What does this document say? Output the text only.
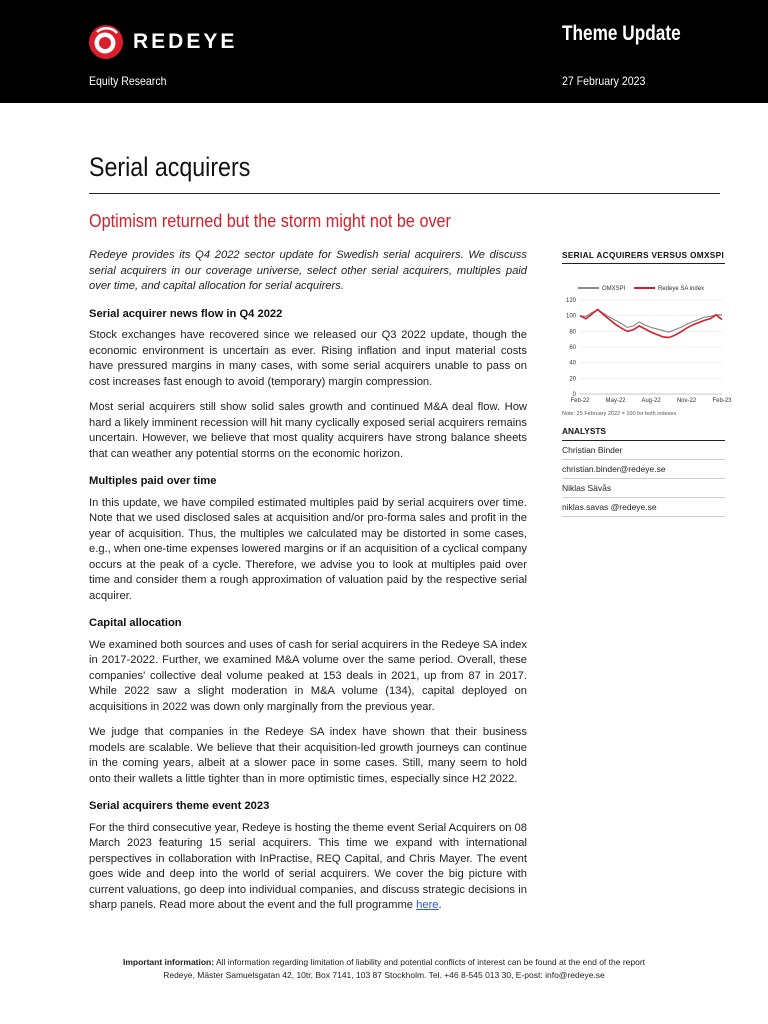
REDEYE	Theme Update
Equity Research	27 February 2023
Serial acquirers
Optimism returned but the storm might not be over

Redeye provides its Q4 2022 sector update for Swedish serial acquirers. We discuss serial acquirers in our coverage universe, select other serial acquirers, multiples paid over time, and capital allocation for serial acquirers.

Serial acquirer news flow in Q4 2022

Stock exchanges have recovered since we released our Q3 2022 update, though the economic environment is uncertain as ever. Rising inflation and input material costs have pressured margins in many cases, with some serial acquirers unable to pass on cost increases fast enough to avoid (temporary) margin compression.

Most serial acquirers still show solid sales growth and continued M&A deal flow. How hard a likely imminent recession will hit many cyclically exposed serial acquirers remains uncertain. However, we believe that most quality acquirers have strong balance sheets that can weather any potential storms on the economic horizon.

Multiples paid over time

In this update, we have compiled estimated multiples paid by serial acquirers over time. Note that we used disclosed sales at acquisition and/or pro-forma sales and profit in the year of acquisition. Thus, the multiples we calculated may be distorted in some cases, e.g., when one-time expenses lowered margins or if an acquisition of a cyclical company occurs at the peak of a cycle. Therefore, we advise you to look at multiples paid over time and consider them a rough approximation of valuation paid by the respective serial acquirer.

Capital allocation

We examined both sources and uses of cash for serial acquirers in the Redeye SA index in 2017-2022. Further, we examined M&A volume over the same period. Overall, these companies' collective deal volume peaked at 153 deals in 2021, up from 87 in 2017. While 2022 saw a slight moderation in M&A volume (134), capital deployed on acquisitions in 2022 was down only marginally from the previous year.

We judge that companies in the Redeye SA index have shown that their business models are scalable. We believe that their acquisition-led growth journeys can continue in the coming years, albeit at a slower pace in some cases. Still, many seem to hold onto their wallets a little tighter than in more optimistic times, especially since H2 2022.

Serial acquirers theme event 2023

For the third consecutive year, Redeye is hosting the theme event Serial Acquirers on 08 March 2023 featuring 15 serial acquirers. This time we expand with international perspectives in collaboration with InPractise, REQ Capital, and Chris Mayer. The event goes wide and deep into the world of serial acquirers. We cover the big picture with current valuations, go deep into individual companies, and discuss strategic decisions in sharp panels. Read more about the event and the full programme here.

SERIAL ACQUIRERS VERSUS OMXSPI
OMXSPI	Redeye SA index
0
20
40
60
80
100
120
Feb-22	May-22	Aug-22	Nov-22	Feb-23
Note: 25 February 2022 = 100 for both indexes
ANALYSTS
Christian Binder
christian.binder@redeye.se
Niklas Sävås
niklas.savas @redeye.se
Important information: All information regarding limitation of liability and potential conflicts of interest can be found at the end of the report
Redeye, Mäster Samuelsgatan 42, 10tr, Box 7141, 103 87 Stockholm. Tel. +46 8-545 013 30, E-post: info@redeye.se
